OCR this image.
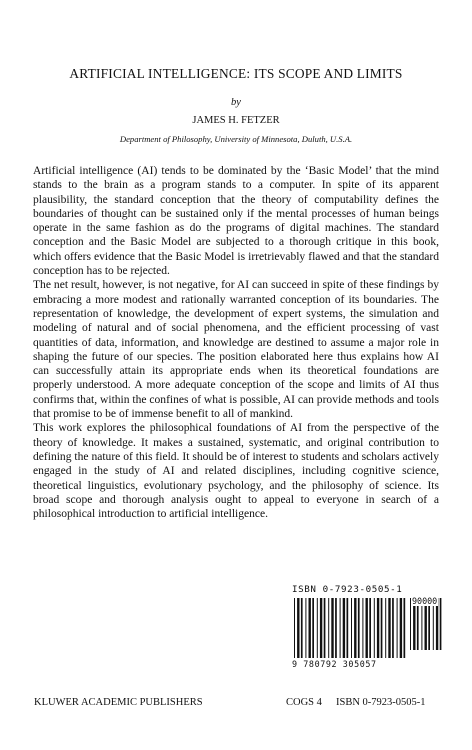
ARTIFICIAL INTELLIGENCE: ITS SCOPE AND LIMITS
by
JAMES H. FETZER
Department of Philosophy, University of Minnesota, Duluth, U.S.A.

Artificial intelligence (AI) tends to be dominated by the ‘Basic Model’ that the mind stands to the brain as a program stands to a computer. In spite of its apparent plausibility, the standard conception that the theory of computability defines the boundaries of thought can be sustained only if the mental processes of human beings operate in the same fashion as do the programs of digital machines. The standard conception and the Basic Model are subjected to a thorough critique in this book, which offers evidence that the Basic Model is irretrievably flawed and that the standard conception has to be rejected.

The net result, however, is not negative, for AI can succeed in spite of these findings by embracing a more modest and rationally warranted conception of its boundaries. The representation of knowledge, the development of expert systems, the simulation and modeling of natural and of social phenomena, and the efficient processing of vast quantities of data, information, and knowledge are destined to assume a major role in shaping the future of our species. The position elaborated here thus explains how AI can successfully attain its appropriate ends when its theoretical foundations are properly understood. A more adequate conception of the scope and limits of AI thus confirms that, within the confines of what is possible, AI can provide methods and tools that promise to be of immense benefit to all of mankind.

This work explores the philosophical foundations of AI from the perspective of the theory of knowledge. It makes a sustained, systematic, and original contribution to defining the nature of this field. It should be of interest to students and scholars actively engaged in the study of AI and related disciplines, including cognitive science, theoretical linguistics, evolutionary psychology, and the philosophy of science. Its broad scope and thorough analysis ought to appeal to everyone in search of a philosophical introduction to artificial intelligence.

ISBN 0-7923-0505-1
90000
9 780792 305057
KLUWER ACADEMIC PUBLISHERS	COGS 4 ISBN 0-7923-0505-1
